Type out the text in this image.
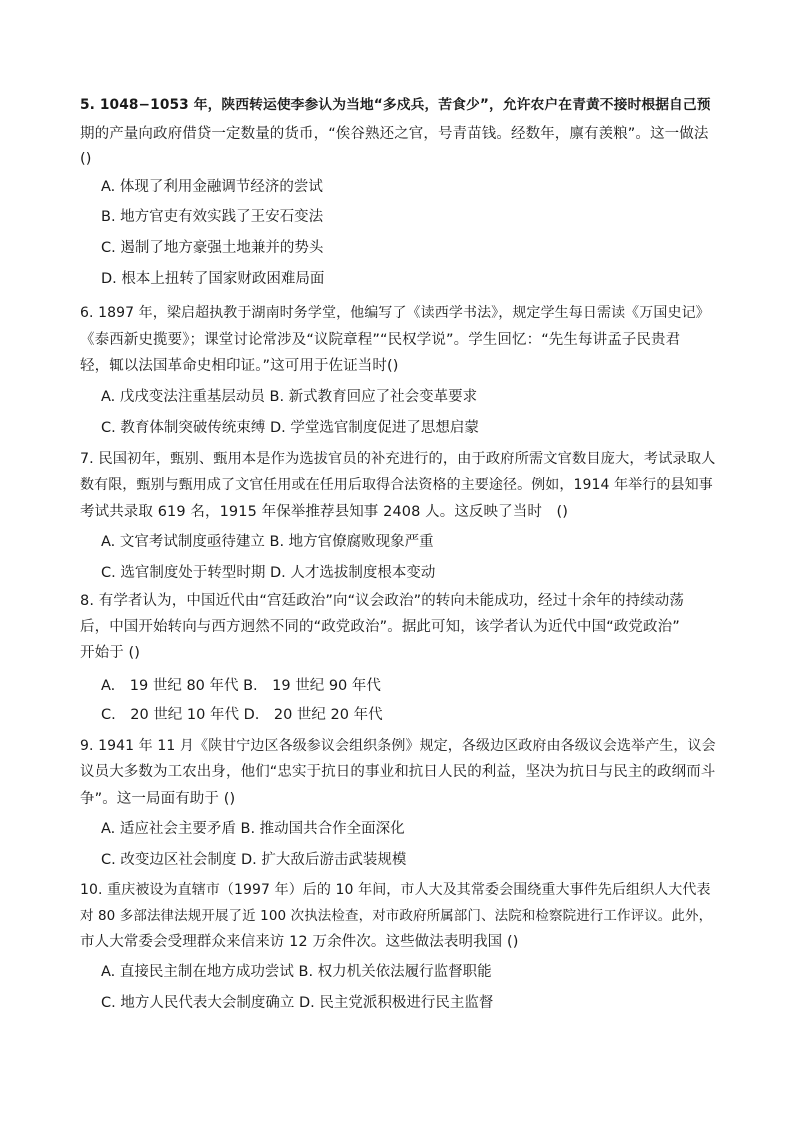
5. 1048−1053 年，陕西转运使李参认为当地“多戍兵，苦食少”，允许农户在青黄不接时根据自己预
期的产量向政府借贷一定数量的货币，“俟谷熟还之官，号青苗钱。经数年，廪有羡粮”。这一做法
()
A. 体现了利用金融调节经济的尝试
B. 地方官吏有效实践了王安石变法
C. 遏制了地方豪强土地兼并的势头
D. 根本上扭转了国家财政困难局面
6. 1897 年，梁启超执教于湖南时务学堂，他编写了《读西学书法》，规定学生每日需读《万国史记》
《泰西新史揽要》；课堂讨论常涉及“议院章程”“民权学说”。学生回忆：“先生每讲孟子民贵君
轻，辄以法国革命史相印证。”这可用于佐证当时()
A. 戊戌变法注重基层动员 B. 新式教育回应了社会变革要求
C. 教育体制突破传统束缚 D. 学堂选官制度促进了思想启蒙
7. 民国初年，甄别、甄用本是作为选拔官员的补充进行的，由于政府所需文官数目庞大，考试录取人
数有限，甄别与甄用成了文官任用或在任用后取得合法资格的主要途径。例如，1914 年举行的县知事
考试共录取 619 名，1915 年保举推荐县知事 2408 人。这反映了当时　()
A. 文官考试制度亟待建立 B. 地方官僚腐败现象严重
C. 选官制度处于转型时期 D. 人才选拔制度根本变动
8. 有学者认为，中国近代由“宫廷政治”向“议会政治”的转向未能成功，经过十余年的持续动荡
后，中国开始转向与西方迥然不同的“政党政治”。据此可知，该学者认为近代中国“政党政治”
开始于 ()
A.　19 世纪 80 年代 B.　19 世纪 90 年代
C.　20 世纪 10 年代 D.　20 世纪 20 年代
9. 1941 年 11 月《陕甘宁边区各级参议会组织条例》规定，各级边区政府由各级议会选举产生，议会
议员大多数为工农出身，他们“忠实于抗日的事业和抗日人民的利益，坚决为抗日与民主的政纲而斗
争”。这一局面有助于 ()
A. 适应社会主要矛盾 B. 推动国共合作全面深化
C. 改变边区社会制度 D. 扩大敌后游击武装规模
10. 重庆被设为直辖市（1997 年）后的 10 年间，市人大及其常委会围绕重大事件先后组织人大代表
对 80 多部法律法规开展了近 100 次执法检查，对市政府所属部门、法院和检察院进行工作评议。此外，
市人大常委会受理群众来信来访 12 万余件次。这些做法表明我国 ()
A. 直接民主制在地方成功尝试 B. 权力机关依法履行监督职能
C. 地方人民代表大会制度确立 D. 民主党派积极进行民主监督
